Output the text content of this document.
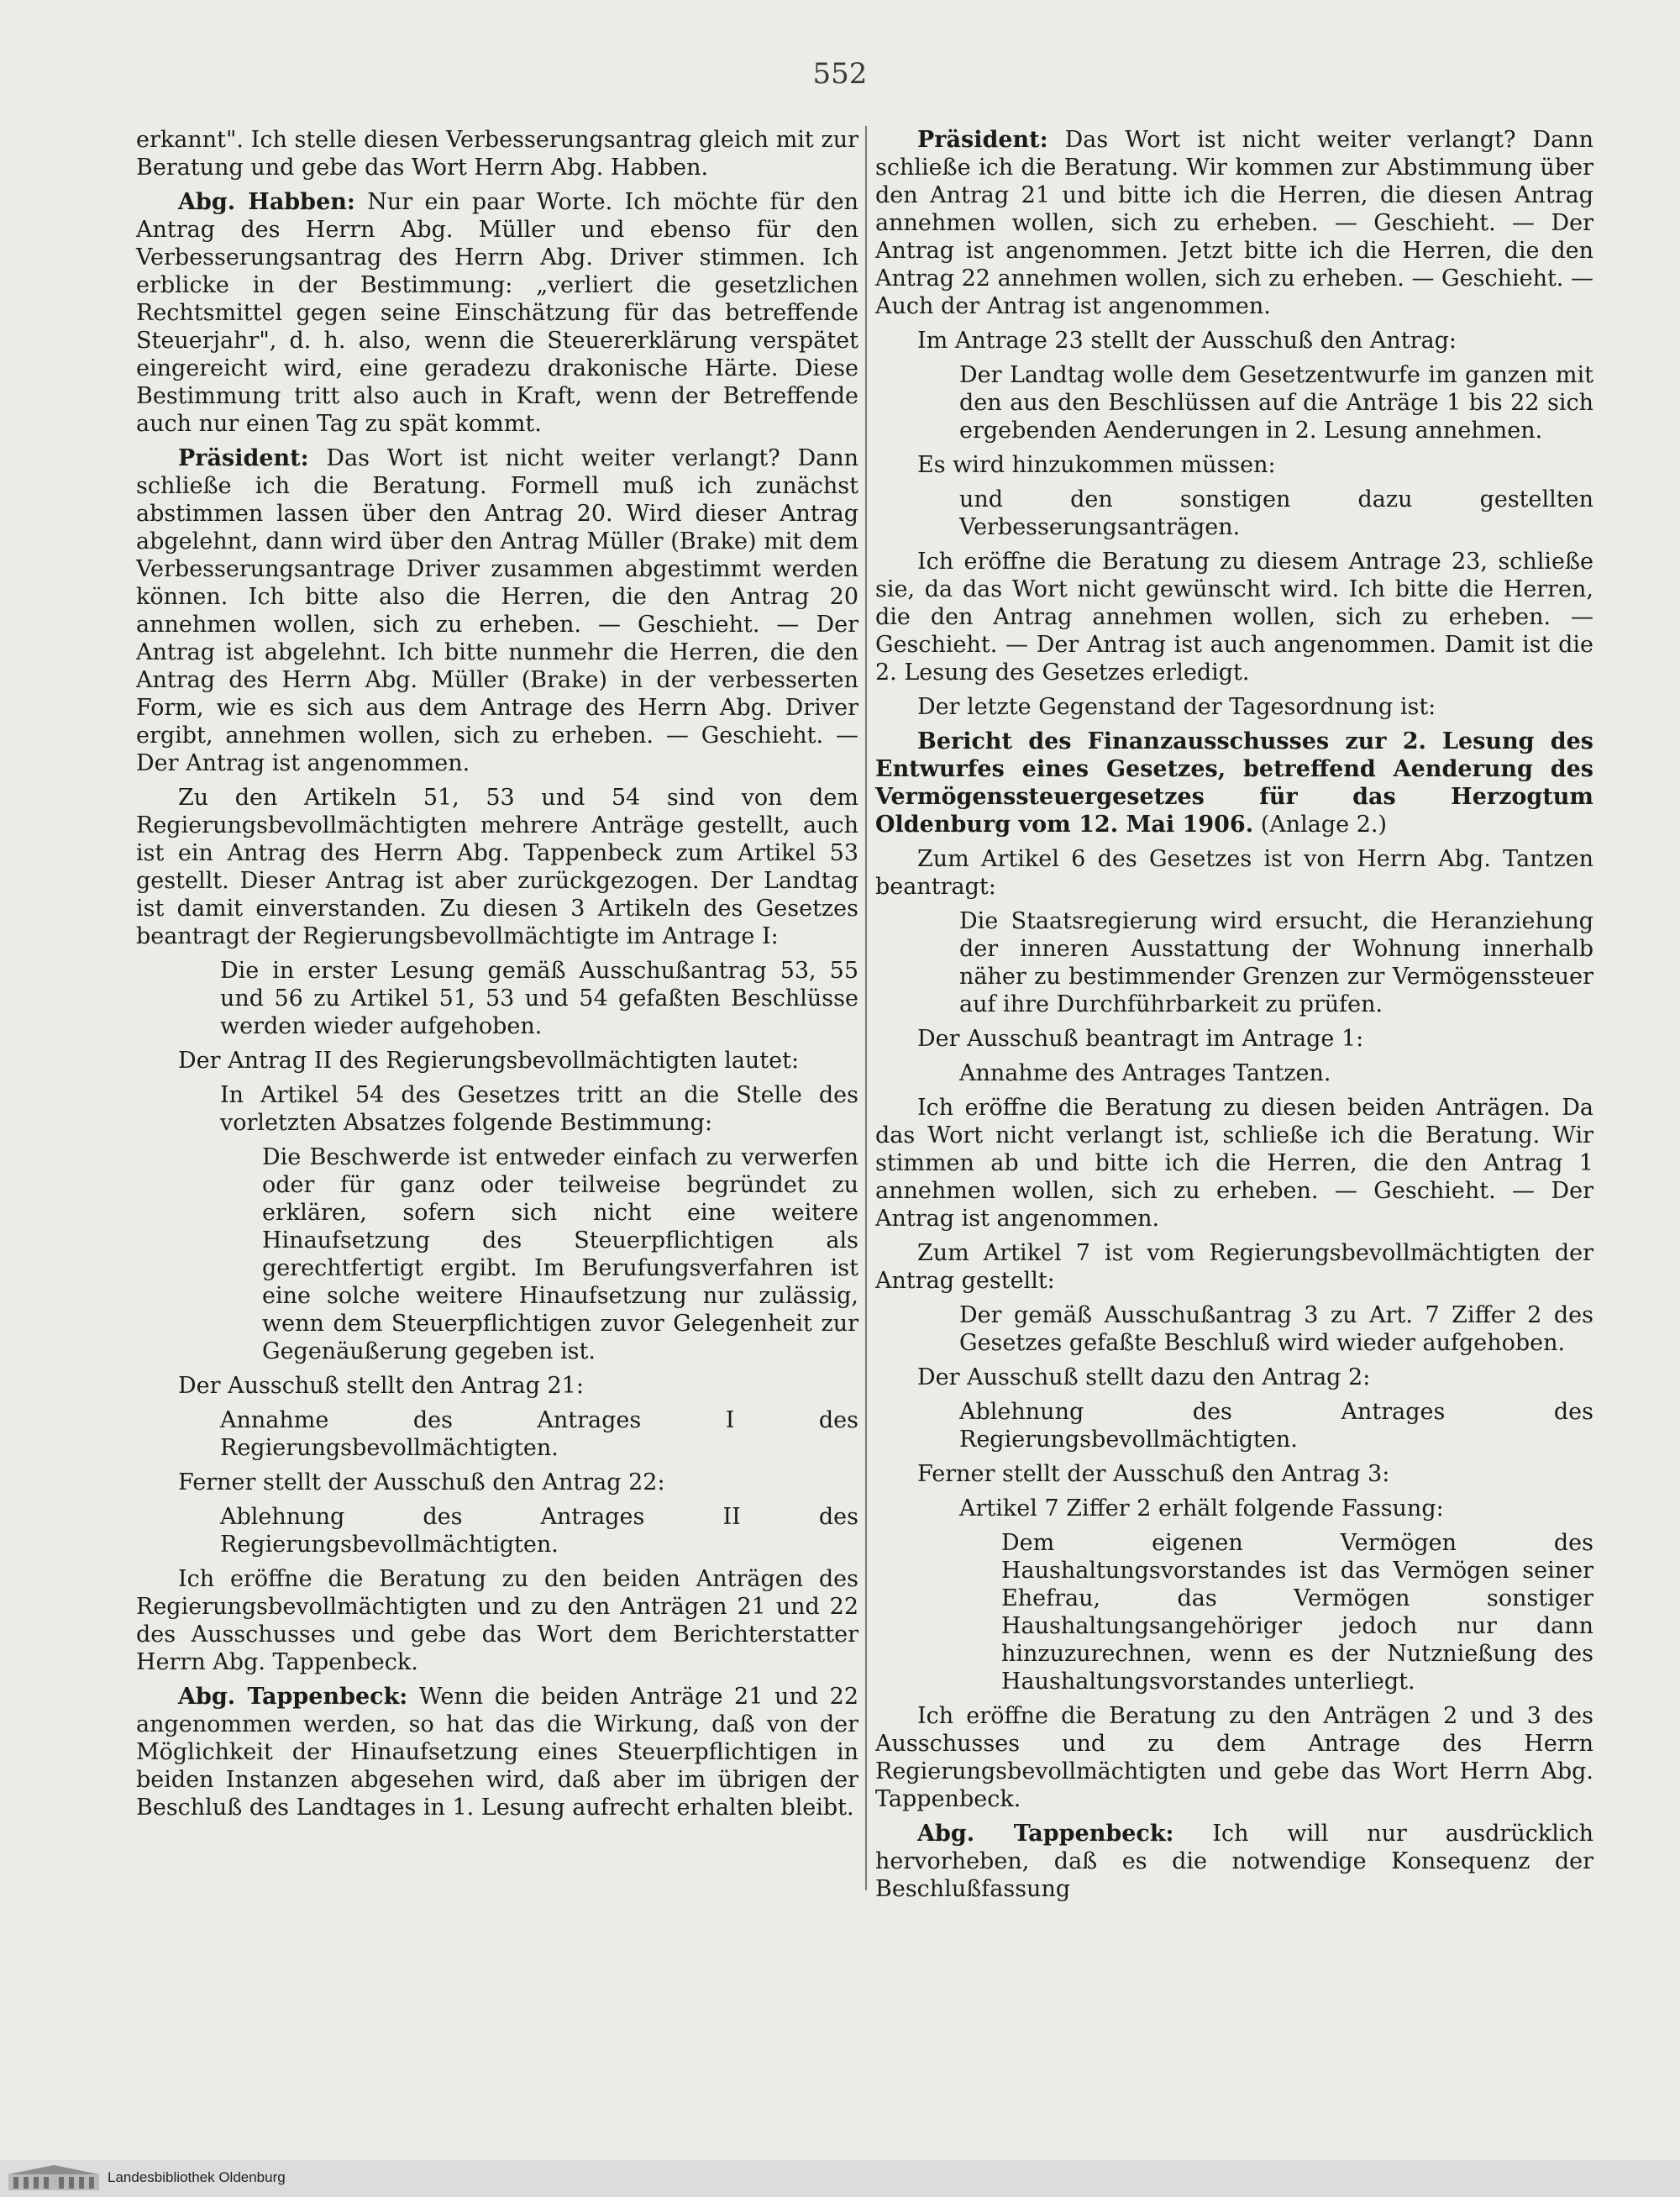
552

erkannt". Ich stelle diesen Verbesserungsantrag gleich mit zur Beratung und gebe das Wort Herrn Abg. Habben.

Abg. Habben: Nur ein paar Worte. Ich möchte für den Antrag des Herrn Abg. Müller und ebenso für den Verbesserungsantrag des Herrn Abg. Driver stimmen. Ich erblicke in der Bestimmung: „verliert die gesetzlichen Rechtsmittel gegen seine Einschätzung für das betreffende Steuerjahr", d. h. also, wenn die Steuererklärung verspätet eingereicht wird, eine geradezu drakonische Härte. Diese Bestimmung tritt also auch in Kraft, wenn der Betreffende auch nur einen Tag zu spät kommt.

Präsident: Das Wort ist nicht weiter verlangt? Dann schließe ich die Beratung. Formell muß ich zunächst abstimmen lassen über den Antrag 20. Wird dieser Antrag abgelehnt, dann wird über den Antrag Müller (Brake) mit dem Verbesserungsantrage Driver zusammen abgestimmt werden können. Ich bitte also die Herren, die den Antrag 20 annehmen wollen, sich zu erheben. — Geschieht. — Der Antrag ist abgelehnt. Ich bitte nunmehr die Herren, die den Antrag des Herrn Abg. Müller (Brake) in der verbesserten Form, wie es sich aus dem Antrage des Herrn Abg. Driver ergibt, annehmen wollen, sich zu erheben. — Geschieht. — Der Antrag ist angenommen.

Zu den Artikeln 51, 53 und 54 sind von dem Regierungsbevollmächtigten mehrere Anträge gestellt, auch ist ein Antrag des Herrn Abg. Tappenbeck zum Artikel 53 gestellt. Dieser Antrag ist aber zurückgezogen. Der Landtag ist damit einverstanden. Zu diesen 3 Artikeln des Gesetzes beantragt der Regierungsbevollmächtigte im Antrage I:

Die in erster Lesung gemäß Ausschußantrag 53, 55 und 56 zu Artikel 51, 53 und 54 gefaßten Beschlüsse werden wieder aufgehoben.

Der Antrag II des Regierungsbevollmächtigten lautet:

In Artikel 54 des Gesetzes tritt an die Stelle des vorletzten Absatzes folgende Bestimmung:

Die Beschwerde ist entweder einfach zu verwerfen oder für ganz oder teilweise begründet zu erklären, sofern sich nicht eine weitere Hinaufsetzung des Steuerpflichtigen als gerechtfertigt ergibt. Im Berufungsverfahren ist eine solche weitere Hinaufsetzung nur zulässig, wenn dem Steuerpflichtigen zuvor Gelegenheit zur Gegenäußerung gegeben ist.

Der Ausschuß stellt den Antrag 21:

Annahme des Antrages I des Regierungsbevollmächtigten.

Ferner stellt der Ausschuß den Antrag 22:

Ablehnung des Antrages II des Regierungsbevollmächtigten.

Ich eröffne die Beratung zu den beiden Anträgen des Regierungsbevollmächtigten und zu den Anträgen 21 und 22 des Ausschusses und gebe das Wort dem Berichterstatter Herrn Abg. Tappenbeck.

Abg. Tappenbeck: Wenn die beiden Anträge 21 und 22 angenommen werden, so hat das die Wirkung, daß von der Möglichkeit der Hinaufsetzung eines Steuerpflichtigen in beiden Instanzen abgesehen wird, daß aber im übrigen der Beschluß des Landtages in 1. Lesung aufrecht erhalten bleibt.

Präsident: Das Wort ist nicht weiter verlangt? Dann schließe ich die Beratung. Wir kommen zur Abstimmung über den Antrag 21 und bitte ich die Herren, die diesen Antrag annehmen wollen, sich zu erheben. — Geschieht. — Der Antrag ist angenommen. Jetzt bitte ich die Herren, die den Antrag 22 annehmen wollen, sich zu erheben. — Geschieht. — Auch der Antrag ist angenommen.

Im Antrage 23 stellt der Ausschuß den Antrag:

Der Landtag wolle dem Gesetzentwurfe im ganzen mit den aus den Beschlüssen auf die Anträge 1 bis 22 sich ergebenden Aenderungen in 2. Lesung annehmen.

Es wird hinzukommen müssen:

und den sonstigen dazu gestellten Verbesserungsanträgen.

Ich eröffne die Beratung zu diesem Antrage 23, schließe sie, da das Wort nicht gewünscht wird. Ich bitte die Herren, die den Antrag annehmen wollen, sich zu erheben. — Geschieht. — Der Antrag ist auch angenommen. Damit ist die 2. Lesung des Gesetzes erledigt.

Der letzte Gegenstand der Tagesordnung ist:

Bericht des Finanzausschusses zur 2. Lesung des Entwurfes eines Gesetzes, betreffend Aenderung des Vermögenssteuergesetzes für das Herzogtum Oldenburg vom 12. Mai 1906. (Anlage 2.)

Zum Artikel 6 des Gesetzes ist von Herrn Abg. Tantzen beantragt:

Die Staatsregierung wird ersucht, die Heranziehung der inneren Ausstattung der Wohnung innerhalb näher zu bestimmender Grenzen zur Vermögenssteuer auf ihre Durchführbarkeit zu prüfen.

Der Ausschuß beantragt im Antrage 1:

Annahme des Antrages Tantzen.

Ich eröffne die Beratung zu diesen beiden Anträgen. Da das Wort nicht verlangt ist, schließe ich die Beratung. Wir stimmen ab und bitte ich die Herren, die den Antrag 1 annehmen wollen, sich zu erheben. — Geschieht. — Der Antrag ist angenommen.

Zum Artikel 7 ist vom Regierungsbevollmächtigten der Antrag gestellt:

Der gemäß Ausschußantrag 3 zu Art. 7 Ziffer 2 des Gesetzes gefaßte Beschluß wird wieder aufgehoben.

Der Ausschuß stellt dazu den Antrag 2:

Ablehnung des Antrages des Regierungsbevollmächtigten.

Ferner stellt der Ausschuß den Antrag 3:

Artikel 7 Ziffer 2 erhält folgende Fassung:

Dem eigenen Vermögen des Haushaltungsvorstandes ist das Vermögen seiner Ehefrau, das Vermögen sonstiger Haushaltungsangehöriger jedoch nur dann hinzuzurechnen, wenn es der Nutznießung des Haushaltungsvorstandes unterliegt.

Ich eröffne die Beratung zu den Anträgen 2 und 3 des Ausschusses und zu dem Antrage des Herrn Regierungsbevollmächtigten und gebe das Wort Herrn Abg. Tappenbeck.

Abg. Tappenbeck: Ich will nur ausdrücklich hervorheben, daß es die notwendige Konsequenz der Beschlußfassung

Landesbibliothek Oldenburg
